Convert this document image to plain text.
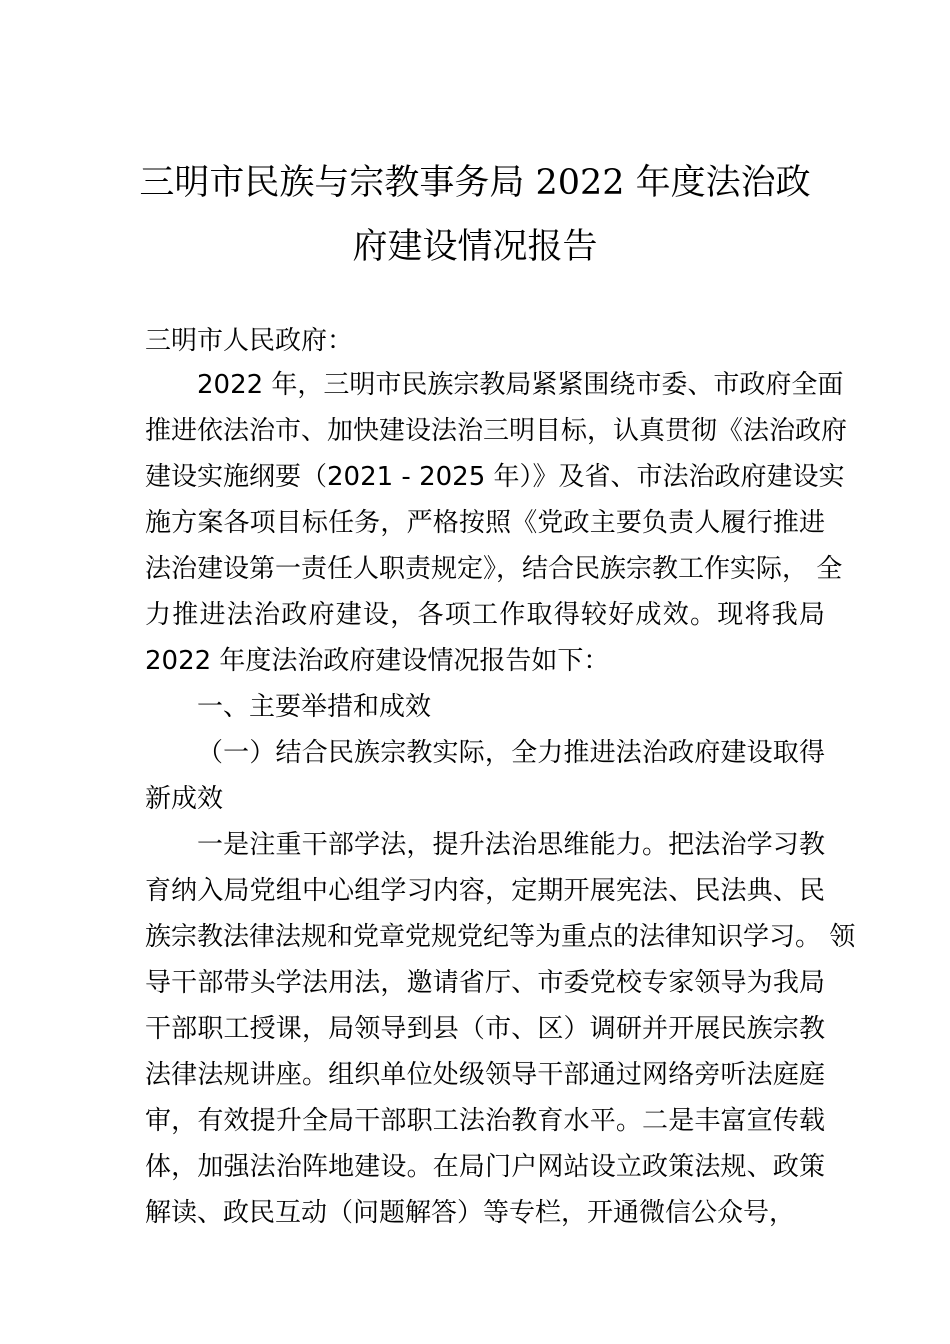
三明市民族与宗教事务局 2022 年度法治政
府建设情况报告
三明市人民政府：
2022 年，三明市民族宗教局紧紧围绕市委、市政府全面
推进依法治市、加快建设法治三明目标，认真贯彻《法治政府
建设实施纲要（2021 - 2025 年）》及省、市法治政府建设实
施方案各项目标任务，严格按照《党政主要负责人履行推进
法治建设第一责任人职责规定》，结合民族宗教工作实际， 全
力推进法治政府建设，各项工作取得较好成效。现将我局
2022 年度法治政府建设情况报告如下：
一、主要举措和成效
（一）结合民族宗教实际，全力推进法治政府建设取得
新成效
一是注重干部学法，提升法治思维能力。把法治学习教
育纳入局党组中心组学习内容，定期开展宪法、民法典、民
族宗教法律法规和党章党规党纪等为重点的法律知识学习。 领
导干部带头学法用法，邀请省厅、市委党校专家领导为我局
干部职工授课，局领导到县（市、区）调研并开展民族宗教
法律法规讲座。组织单位处级领导干部通过网络旁听法庭庭
审，有效提升全局干部职工法治教育水平。二是丰富宣传载
体，加强法治阵地建设。在局门户网站设立政策法规、政策
解读、政民互动（问题解答）等专栏，开通微信公众号，
